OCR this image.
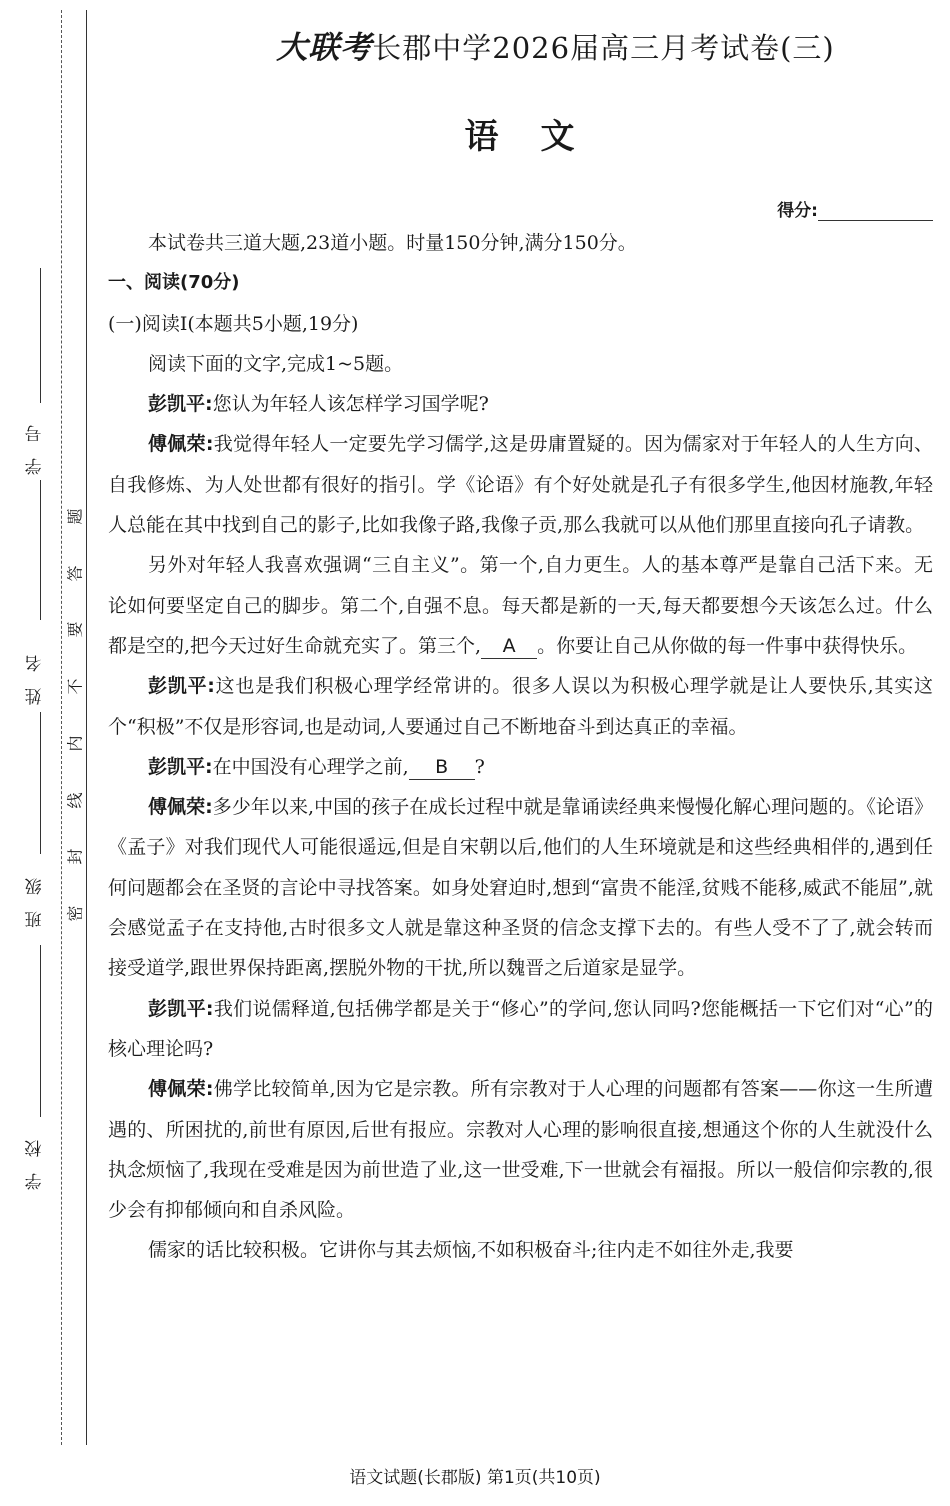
学号
姓名
班级
学校
题
答
要
不
内
线
封
密
大联考长郡中学2026届高三月考试卷(三)
语文
得分:

本试卷共三道大题,23道小题。时量150分钟,满分150分。

一、阅读(70分)

(一)阅读Ⅰ(本题共5小题,19分)

阅读下面的文字,完成1~5题。

彭凯平:您认为年轻人该怎样学习国学呢?

傅佩荣:我觉得年轻人一定要先学习儒学,这是毋庸置疑的。因为儒家对于年轻人的人生方向、自我修炼、为人处世都有很好的指引。学《论语》有个好处就是孔子有很多学生,他因材施教,年轻人总能在其中找到自己的影子,比如我像子路,我像子贡,那么我就可以从他们那里直接向孔子请教。

另外对年轻人我喜欢强调“三自主义”。第一个,自力更生。人的基本尊严是靠自己活下来。无论如何要坚定自己的脚步。第二个,自强不息。每天都是新的一天,每天都要想今天该怎么过。什么都是空的,把今天过好生命就充实了。第三个, A 。你要让自己从你做的每一件事中获得快乐。

彭凯平:这也是我们积极心理学经常讲的。很多人误以为积极心理学就是让人要快乐,其实这个“积极”不仅是形容词,也是动词,人要通过自己不断地奋斗到达真正的幸福。

彭凯平:在中国没有心理学之前, B ?

傅佩荣:多少年以来,中国的孩子在成长过程中就是靠诵读经典来慢慢化解心理问题的。《论语》《孟子》对我们现代人可能很遥远,但是自宋朝以后,他们的人生环境就是和这些经典相伴的,遇到任何问题都会在圣贤的言论中寻找答案。如身处窘迫时,想到“富贵不能淫,贫贱不能移,威武不能屈”,就会感觉孟子在支持他,古时很多文人就是靠这种圣贤的信念支撑下去的。有些人受不了了,就会转而接受道学,跟世界保持距离,摆脱外物的干扰,所以魏晋之后道家是显学。

彭凯平:我们说儒释道,包括佛学都是关于“修心”的学问,您认同吗?您能概括一下它们对“心”的核心理论吗?

傅佩荣:佛学比较简单,因为它是宗教。所有宗教对于人心理的问题都有答案——你这一生所遭遇的、所困扰的,前世有原因,后世有报应。宗教对人心理的影响很直接,想通这个你的人生就没什么执念烦恼了,我现在受难是因为前世造了业,这一世受难,下一世就会有福报。所以一般信仰宗教的,很少会有抑郁倾向和自杀风险。

儒家的话比较积极。它讲你与其去烦恼,不如积极奋斗;往内走不如往外走,我要

语文试题(长郡版) 第1页(共10页)
